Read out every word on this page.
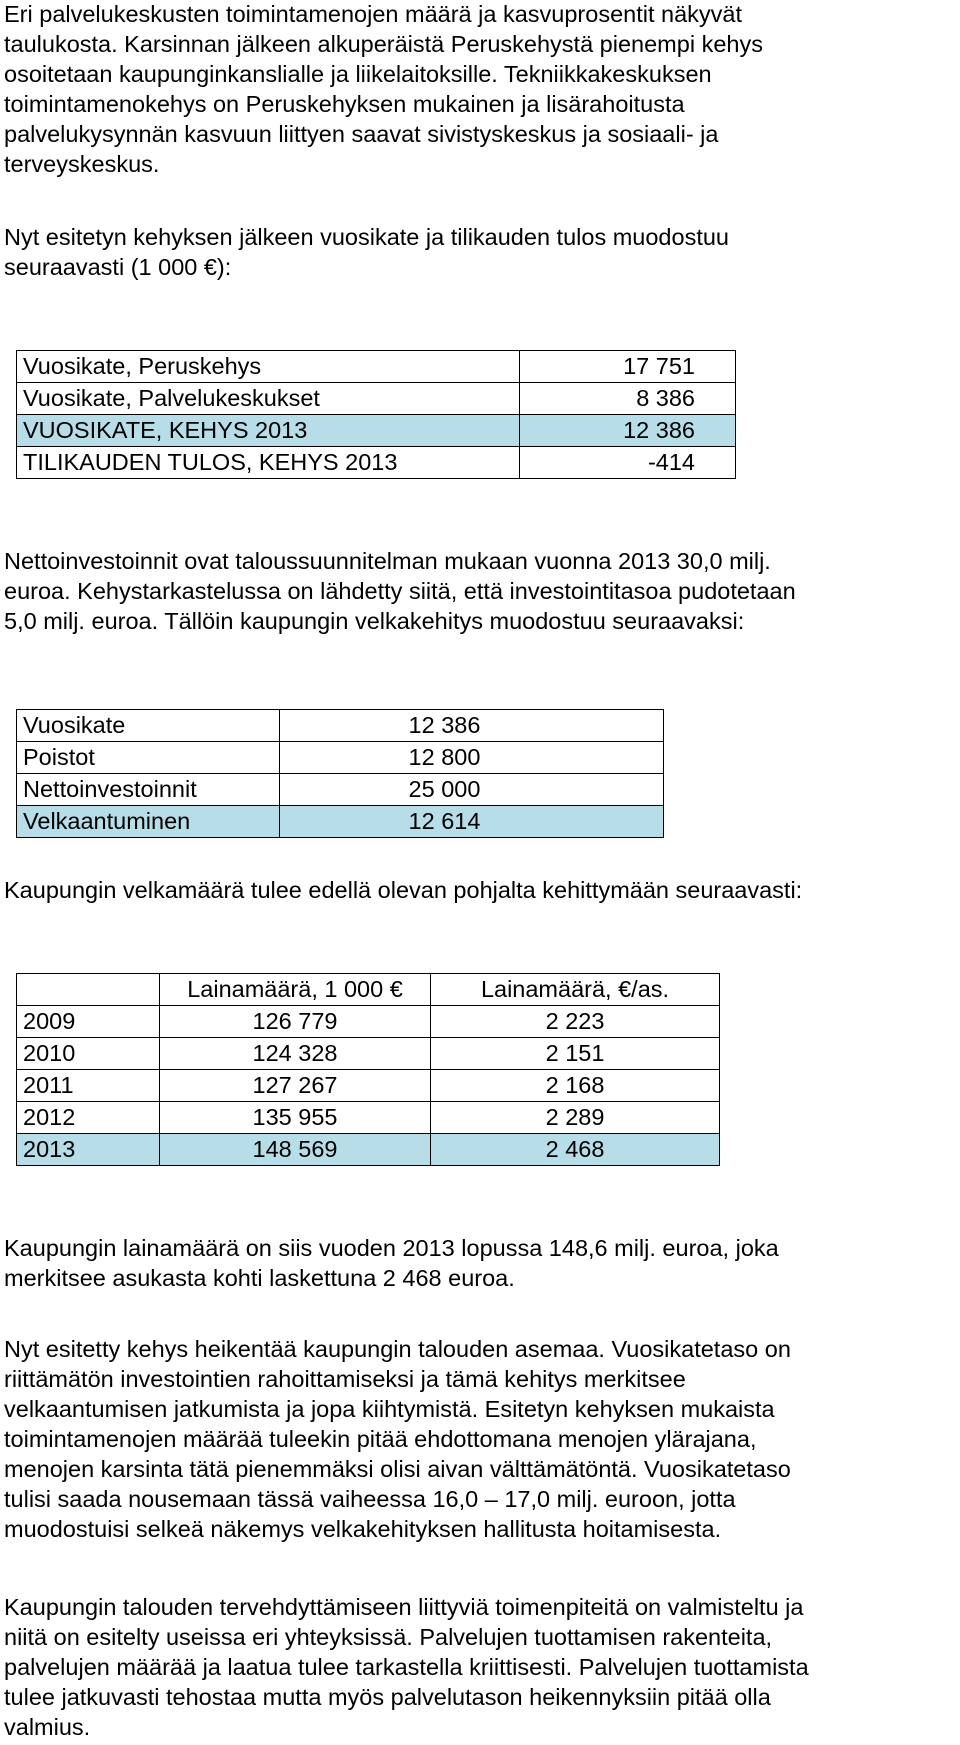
Eri palvelukeskusten toimintamenojen määrä ja kasvuprosentit näkyvät

taulukosta. Karsinnan jälkeen alkuperäistä Peruskehystä pienempi kehys

osoitetaan kaupunginkanslialle ja liikelaitoksille. Tekniikkakeskuksen

toimintamenokehys on Peruskehyksen mukainen ja lisärahoitusta

palvelukysynnän kasvuun liittyen saavat sivistyskeskus ja sosiaali- ja

terveyskeskus.

Nyt esitetyn kehyksen jälkeen vuosikate ja tilikauden tulos muodostuu

seuraavasti (1 000 €):

Vuosikate, Peruskehys	17 751
Vuosikate, Palvelukeskukset	8 386
VUOSIKATE, KEHYS 2013	12 386
TILIKAUDEN TULOS, KEHYS 2013	-414

Nettoinvestoinnit ovat taloussuunnitelman mukaan vuonna 2013 30,0 milj.

euroa. Kehystarkastelussa on lähdetty siitä, että investointitasoa pudotetaan

5,0 milj. euroa. Tällöin kaupungin velkakehitys muodostuu seuraavaksi:

Vuosikate	12 386
Poistot	12 800
Nettoinvestoinnit	25 000
Velkaantuminen	12 614

Kaupungin velkamäärä tulee edellä olevan pohjalta kehittymään seuraavasti:

	Lainamäärä, 1 000 €	Lainamäärä, €/as.
2009	126 779	2 223
2010	124 328	2 151
2011	127 267	2 168
2012	135 955	2 289
2013	148 569	2 468

Kaupungin lainamäärä on siis vuoden 2013 lopussa 148,6 milj. euroa, joka

merkitsee asukasta kohti laskettuna 2 468 euroa.

Nyt esitetty kehys heikentää kaupungin talouden asemaa. Vuosikatetaso on

riittämätön investointien rahoittamiseksi ja tämä kehitys merkitsee

velkaantumisen jatkumista ja jopa kiihtymistä. Esitetyn kehyksen mukaista

toimintamenojen määrää tuleekin pitää ehdottomana menojen ylärajana,

menojen karsinta tätä pienemmäksi olisi aivan välttämätöntä. Vuosikatetaso

tulisi saada nousemaan tässä vaiheessa 16,0 – 17,0 milj. euroon, jotta

muodostuisi selkeä näkemys velkakehityksen hallitusta hoitamisesta.

Kaupungin talouden tervehdyttämiseen liittyviä toimenpiteitä on valmisteltu ja

niitä on esitelty useissa eri yhteyksissä. Palvelujen tuottamisen rakenteita,

palvelujen määrää ja laatua tulee tarkastella kriittisesti. Palvelujen tuottamista

tulee jatkuvasti tehostaa mutta myös palvelutason heikennyksiin pitää olla

valmius.
